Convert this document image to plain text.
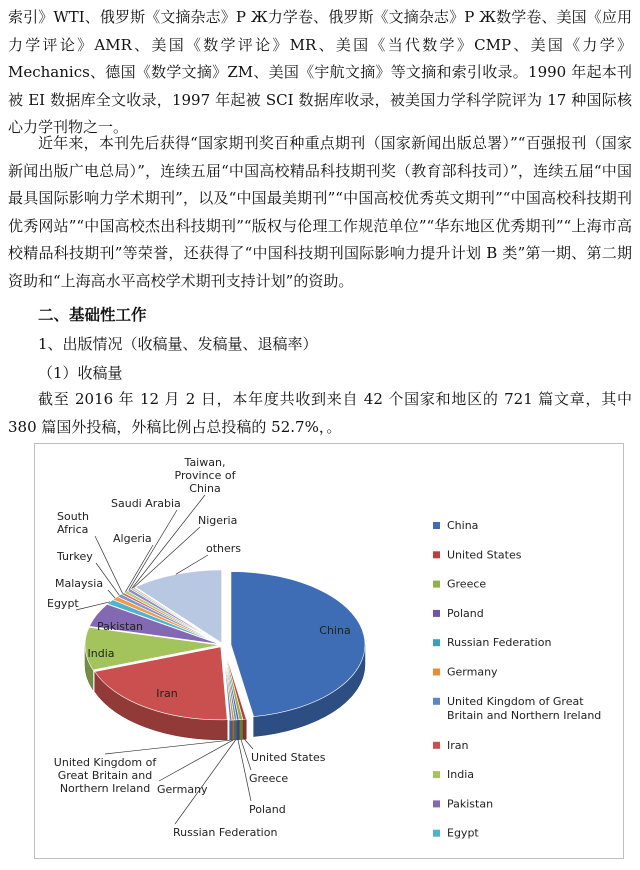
索引》WTI、俄罗斯《文摘杂志》Р Ж力学卷、俄罗斯《文摘杂志》Р Ж数学卷、美国《应用力学评论》AMR、美国《数学评论》MR、美国《当代数学》CMP、美国《力学》Mechanics、德国《数学文摘》ZM、美国《宇航文摘》等文摘和索引收录。1990 年起本刊被 EI 数据库全文收录，1997 年起被 SCI 数据库收录，被美国力学科学院评为 17 种国际核心力学刊物之一。

近年来，本刊先后获得“国家期刊奖百种重点期刊（国家新闻出版总署）”“百强报刊（国家新闻出版广电总局）”，连续五届“中国高校精品科技期刊奖（教育部科技司）”，连续五届“中国最具国际影响力学术期刊”，以及“中国最美期刊”“中国高校优秀英文期刊”“中国高校科技期刊优秀网站”“中国高校杰出科技期刊”“版权与伦理工作规范单位”“华东地区优秀期刊”“上海市高校精品科技期刊”等荣誉，还获得了“中国科技期刊国际影响力提升计划 B 类”第一期、第二期资助和“上海高水平高校学术期刊支持计划”的资助。

二、基础性工作

1、出版情况（收稿量、发稿量、退稿率）

（1）收稿量

截至 2016 年 12 月 2 日，本年度共收到来自 42 个国家和地区的 721 篇文章，其中 380 篇国外投稿，外稿比例占总投稿的 52.7%，。

China
United States
Greece
Poland
Russian Federation
Germany
United Kingdom of Great Britain and Northern Ireland
Iran
India
Pakistan
Egypt
Malaysia
Turkey
South Africa
Algeria
Saudi Arabia
Taiwan, Province of China
Nigeria
others
China
United States
Greece
Poland
Russian Federation
Germany
United Kingdom of Great Britain and Northern Ireland
Iran
India
Pakistan
Egypt
